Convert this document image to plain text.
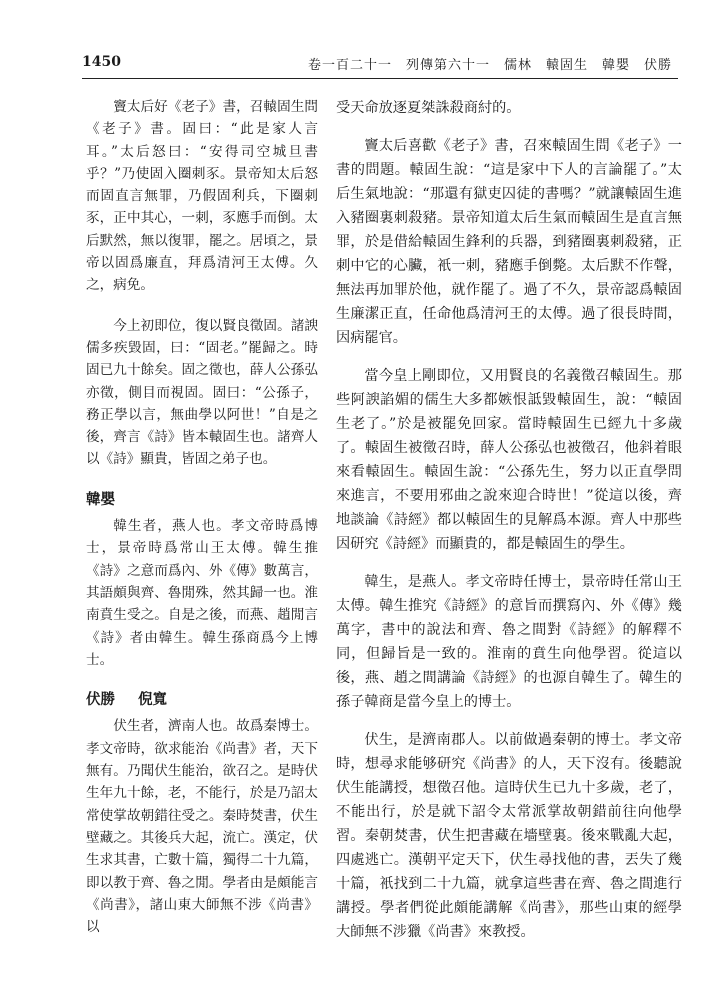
1450	卷一百二十一　列傳第六十一　儒林　轅固生　韓嬰　伏勝

竇太后好《老子》書，召轅固生問《老子》書。固曰：“此是家人言耳。”太后怒曰：“安得司空城旦書乎？”乃使固入圈刺豕。景帝知太后怒而固直言無罪，乃假固利兵，下圈刺豕，正中其心，一刺，豕應手而倒。太后默然，無以復罪，罷之。居頃之，景帝以固爲廉直，拜爲清河王太傅。久之，病免。

今上初即位，復以賢良徵固。諸諛儒多疾毀固，曰：“固老。”罷歸之。時固已九十餘矣。固之徵也，薛人公孫弘亦徵，側目而視固。固曰：“公孫子，務正學以言，無曲學以阿世！”自是之後，齊言《詩》皆本轅固生也。諸齊人以《詩》顯貴，皆固之弟子也。

韓嬰

韓生者，燕人也。孝文帝時爲博士，景帝時爲常山王太傅。韓生推《詩》之意而爲內、外《傳》數萬言，其語頗與齊、魯閒殊，然其歸一也。淮南賁生受之。自是之後，而燕、趙閒言《詩》者由韓生。韓生孫商爲今上博士。

伏勝 倪寬

伏生者，濟南人也。故爲秦博士。孝文帝時，欲求能治《尚書》者，天下無有。乃聞伏生能治，欲召之。是時伏生年九十餘，老，不能行，於是乃詔太常使掌故朝錯往受之。秦時焚書，伏生壁藏之。其後兵大起，流亡。漢定，伏生求其書，亡數十篇，獨得二十九篇，即以教于齊、魯之閒。學者由是頗能言《尚書》，諸山東大師無不涉《尚書》以

受天命放逐夏桀誅殺商紂的。

竇太后喜歡《老子》書，召來轅固生問《老子》一書的問題。轅固生說：“這是家中下人的言論罷了。”太后生氣地說：“那還有獄吏囚徒的書嗎？”就讓轅固生進入豬圈裏刺殺豬。景帝知道太后生氣而轅固生是直言無罪，於是借給轅固生鋒利的兵器，到豬圈裏刺殺豬，正刺中它的心臟，衹一刺，豬應手倒斃。太后默不作聲，無法再加罪於他，就作罷了。過了不久，景帝認爲轅固生廉潔正直，任命他爲清河王的太傅。過了很長時間，因病罷官。

當今皇上剛即位，又用賢良的名義徵召轅固生。那些阿諛諂媚的儒生大多都嫉恨詆毀轅固生，說：“轅固生老了。”於是被罷免回家。當時轅固生已經九十多歲了。轅固生被徵召時，薛人公孫弘也被徵召，他斜着眼來看轅固生。轅固生說：“公孫先生，努力以正直學問來進言，不要用邪曲之說來迎合時世！”從這以後，齊地談論《詩經》都以轅固生的見解爲本源。齊人中那些因研究《詩經》而顯貴的，都是轅固生的學生。

韓生，是燕人。孝文帝時任博士，景帝時任常山王太傅。韓生推究《詩經》的意旨而撰寫內、外《傳》幾萬字，書中的說法和齊、魯之間對《詩經》的解釋不同，但歸旨是一致的。淮南的賁生向他學習。從這以後，燕、趙之間講論《詩經》的也源自韓生了。韓生的孫子韓商是當今皇上的博士。

伏生，是濟南郡人。以前做過秦朝的博士。孝文帝時，想尋求能够研究《尚書》的人，天下沒有。後聽說伏生能講授，想徵召他。這時伏生已九十多歲，老了，不能出行，於是就下詔令太常派掌故朝錯前往向他學習。秦朝焚書，伏生把書藏在墻壁裏。後來戰亂大起，四處逃亡。漢朝平定天下，伏生尋找他的書，丟失了幾十篇，衹找到二十九篇，就拿這些書在齊、魯之間進行講授。學者們從此頗能講解《尚書》，那些山東的經學大師無不涉獵《尚書》來教授。
